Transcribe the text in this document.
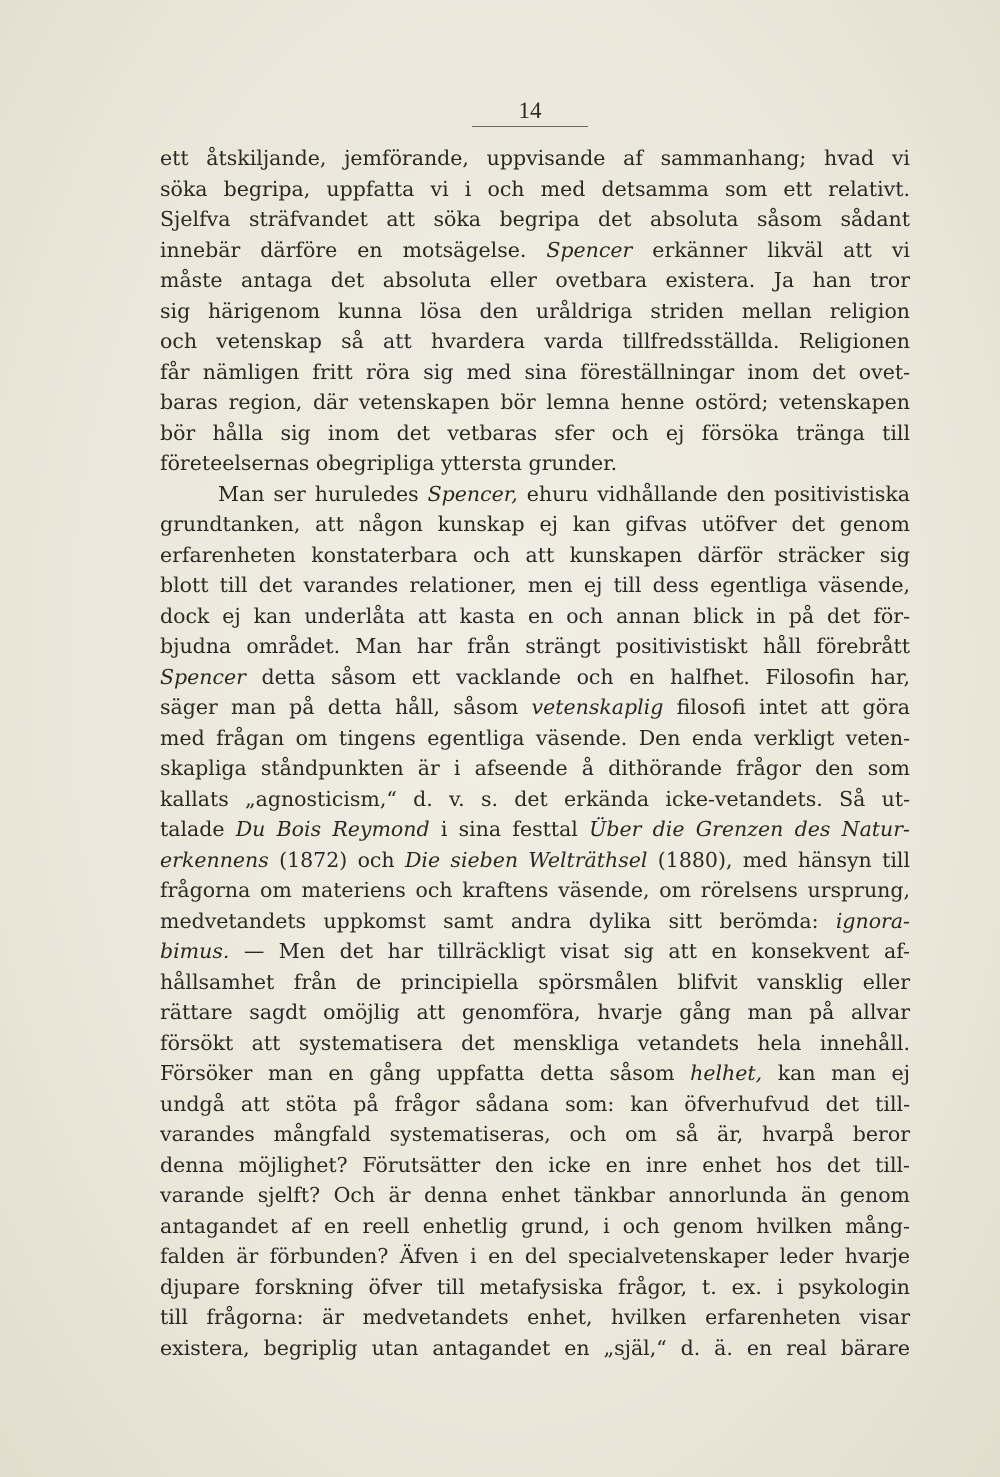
14
ett åtskiljande, jemförande, uppvisande af sammanhang; hvad vi
söka begripa, uppfatta vi i och med detsamma som ett relativt.
Sjelfva sträfvandet att söka begripa det absoluta såsom sådant
innebär därföre en motsägelse. Spencer erkänner likväl att vi
måste antaga det absoluta eller ovetbara existera. Ja han tror
sig härigenom kunna lösa den uråldriga striden mellan religion
och vetenskap så att hvardera varda tillfredsställda. Religionen
får nämligen fritt röra sig med sina föreställningar inom det ovet-
baras region, där vetenskapen bör lemna henne ostörd; vetenskapen
bör hålla sig inom det vetbaras sfer och ej försöka tränga till
företeelsernas obegripliga yttersta grunder.
Man ser huruledes Spencer, ehuru vidhållande den positivistiska
grundtanken, att någon kunskap ej kan gifvas utöfver det genom
erfarenheten konstaterbara och att kunskapen därför sträcker sig
blott till det varandes relationer, men ej till dess egentliga väsende,
dock ej kan underlåta att kasta en och annan blick in på det för-
bjudna området. Man har från strängt positivistiskt håll förebrått
Spencer detta såsom ett vacklande och en halfhet. Filosofin har,
säger man på detta håll, såsom vetenskaplig filosofi intet att göra
med frågan om tingens egentliga väsende. Den enda verkligt veten-
skapliga ståndpunkten är i afseende å dithörande frågor den som
kallats „agnosticism,“ d. v. s. det erkända icke-vetandets. Så ut-
talade Du Bois Reymond i sina festtal Über die Grenzen des Natur-
erkennens (1872) och Die sieben Welträthsel (1880), med hänsyn till
frågorna om materiens och kraftens väsende, om rörelsens ursprung,
medvetandets uppkomst samt andra dylika sitt berömda: ignora-
bimus. — Men det har tillräckligt visat sig att en konsekvent af-
hållsamhet från de principiella spörsmålen blifvit vansklig eller
rättare sagdt omöjlig att genomföra, hvarje gång man på allvar
försökt att systematisera det menskliga vetandets hela innehåll.
Försöker man en gång uppfatta detta såsom helhet, kan man ej
undgå att stöta på frågor sådana som: kan öfverhufvud det till-
varandes mångfald systematiseras, och om så är, hvarpå beror
denna möjlighet? Förutsätter den icke en inre enhet hos det till-
varande sjelft? Och är denna enhet tänkbar annorlunda än genom
antagandet af en reell enhetlig grund, i och genom hvilken mång-
falden är förbunden? Äfven i en del specialvetenskaper leder hvarje
djupare forskning öfver till metafysiska frågor, t. ex. i psykologin
till frågorna: är medvetandets enhet, hvilken erfarenheten visar
existera, begriplig utan antagandet en „själ,“ d. ä. en real bärare
